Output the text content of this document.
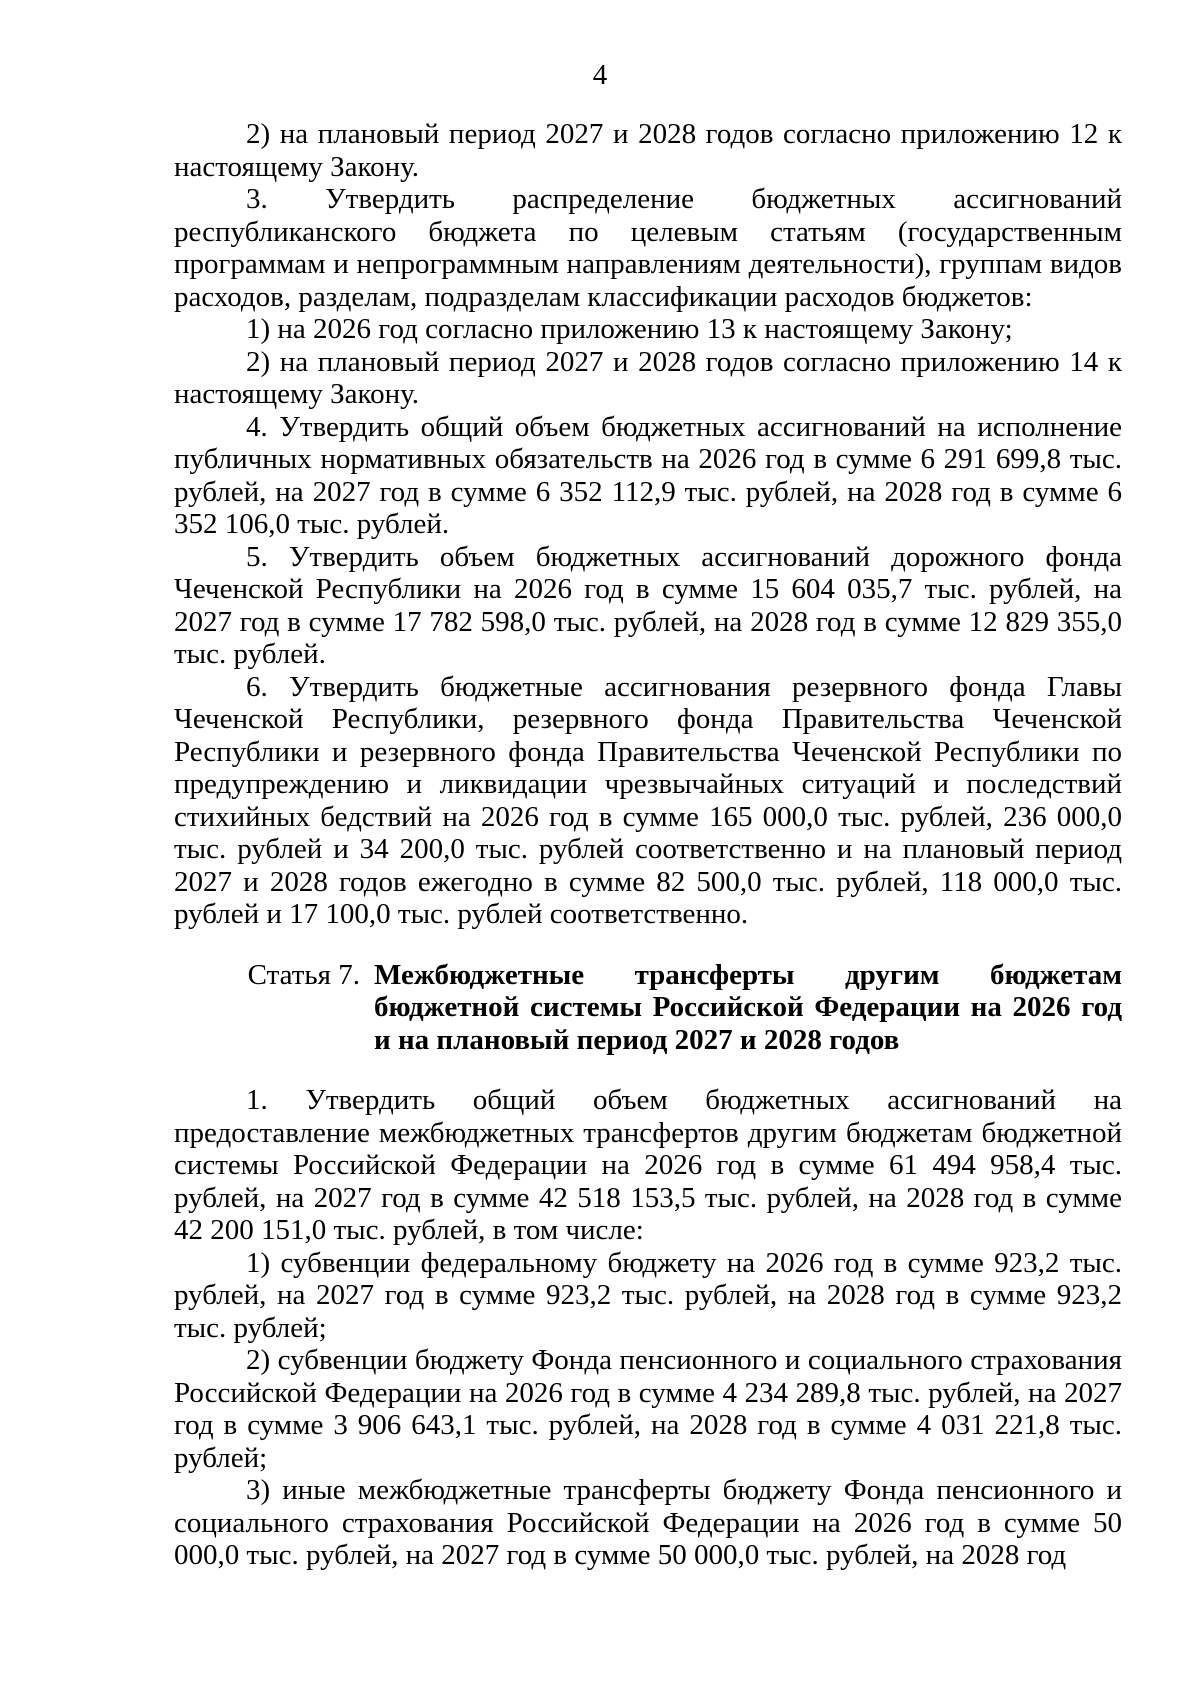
4

2) на плановый период 2027 и 2028 годов согласно приложению 12 к настоящему Закону.

3. Утвердить распределение бюджетных ассигнований республиканского бюджета по целевым статьям (государственным программам и непрограммным направлениям деятельности), группам видов расходов, разделам, подразделам классификации расходов бюджетов:

1) на 2026 год согласно приложению 13 к настоящему Закону;

2) на плановый период 2027 и 2028 годов согласно приложению 14 к настоящему Закону.

4. Утвердить общий объем бюджетных ассигнований на исполнение публичных нормативных обязательств на 2026 год в сумме 6 291 699,8 тыс. рублей, на 2027 год в сумме 6 352 112,9 тыс. рублей, на 2028 год в сумме 6 352 106,0 тыс. рублей.

5. Утвердить объем бюджетных ассигнований дорожного фонда Чеченской Республики на 2026 год в сумме 15 604 035,7 тыс. рублей, на 2027 год в сумме 17 782 598,0 тыс. рублей, на 2028 год в сумме 12 829 355,0 тыс. рублей.

6. Утвердить бюджетные ассигнования резервного фонда Главы Чеченской Республики, резервного фонда Правительства Чеченской Республики и резервного фонда Правительства Чеченской Республики по предупреждению и ликвидации чрезвычайных ситуаций и последствий стихийных бедствий на 2026 год в сумме 165 000,0 тыс. рублей, 236 000,0 тыс. рублей и 34 200,0 тыс. рублей соответственно и на плановый период 2027 и 2028 годов ежегодно в сумме 82 500,0 тыс. рублей, 118 000,0 тыс. рублей и 17 100,0 тыс. рублей соответственно.

Статья 7. Межбюджетные трансферты другим бюджетам бюджетной системы Российской Федерации на 2026 год и на плановый период 2027 и 2028 годов

1. Утвердить общий объем бюджетных ассигнований на предоставление межбюджетных трансфертов другим бюджетам бюджетной системы Российской Федерации на 2026 год в сумме 61 494 958,4 тыс. рублей, на 2027 год в сумме 42 518 153,5 тыс. рублей, на 2028 год в сумме 42 200 151,0 тыс. рублей, в том числе:

1) субвенции федеральному бюджету на 2026 год в сумме 923,2 тыс. рублей, на 2027 год в сумме 923,2 тыс. рублей, на 2028 год в сумме 923,2 тыс. рублей;

2) субвенции бюджету Фонда пенсионного и социального страхования Российской Федерации на 2026 год в сумме 4 234 289,8 тыс. рублей, на 2027 год в сумме 3 906 643,1 тыс. рублей, на 2028 год в сумме 4 031 221,8 тыс. рублей;

3) иные межбюджетные трансферты бюджету Фонда пенсионного и социального страхования Российской Федерации на 2026 год в сумме 50 000,0 тыс. рублей, на 2027 год в сумме 50 000,0 тыс. рублей, на 2028 год
